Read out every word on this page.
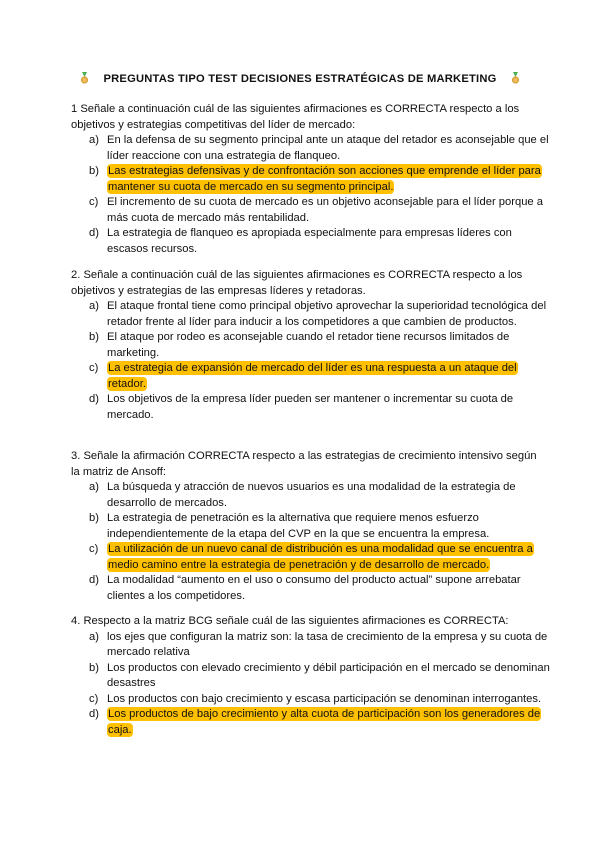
PREGUNTAS TIPO TEST DECISIONES ESTRATÉGICAS DE MARKETING

1 Señale a continuación cuál de las siguientes afirmaciones es CORRECTA respecto a los objetivos y estrategias competitivas del líder de mercado:

a) En la defensa de su segmento principal ante un ataque del retador es aconsejable que el líder reaccione con una estrategia de flanqueo.
b) Las estrategias defensivas y de confrontación son acciones que emprende el líder para mantener su cuota de mercado en su segmento principal.
c) El incremento de su cuota de mercado es un objetivo aconsejable para el líder porque a más cuota de mercado más rentabilidad.
d) La estrategia de flanqueo es apropiada especialmente para empresas líderes con escasos recursos.

2. Señale a continuación cuál de las siguientes afirmaciones es CORRECTA respecto a los objetivos y estrategias de las empresas líderes y retadoras.

a) El ataque frontal tiene como principal objetivo aprovechar la superioridad tecnológica del retador frente al líder para inducir a los competidores a que cambien de productos.
b) El ataque por rodeo es aconsejable cuando el retador tiene recursos limitados de marketing.
c) La estrategia de expansión de mercado del líder es una respuesta a un ataque del retador.
d) Los objetivos de la empresa líder pueden ser mantener o incrementar su cuota de mercado.

3. Señale la afirmación CORRECTA respecto a las estrategias de crecimiento intensivo según la matriz de Ansoff:

a) La búsqueda y atracción de nuevos usuarios es una modalidad de la estrategia de desarrollo de mercados.
b) La estrategia de penetración es la alternativa que requiere menos esfuerzo independientemente de la etapa del CVP en la que se encuentra la empresa.
c) La utilización de un nuevo canal de distribución es una modalidad que se encuentra a medio camino entre la estrategia de penetración y de desarrollo de mercado.
d) La modalidad “aumento en el uso o consumo del producto actual” supone arrebatar clientes a los competidores.

4. Respecto a la matriz BCG señale cuál de las siguientes afirmaciones es CORRECTA:

a) los ejes que configuran la matriz son: la tasa de crecimiento de la empresa y su cuota de mercado relativa
b) Los productos con elevado crecimiento y débil participación en el mercado se denominan desastres
c) Los productos con bajo crecimiento y escasa participación se denominan interrogantes.
d) Los productos de bajo crecimiento y alta cuota de participación son los generadores de caja.
